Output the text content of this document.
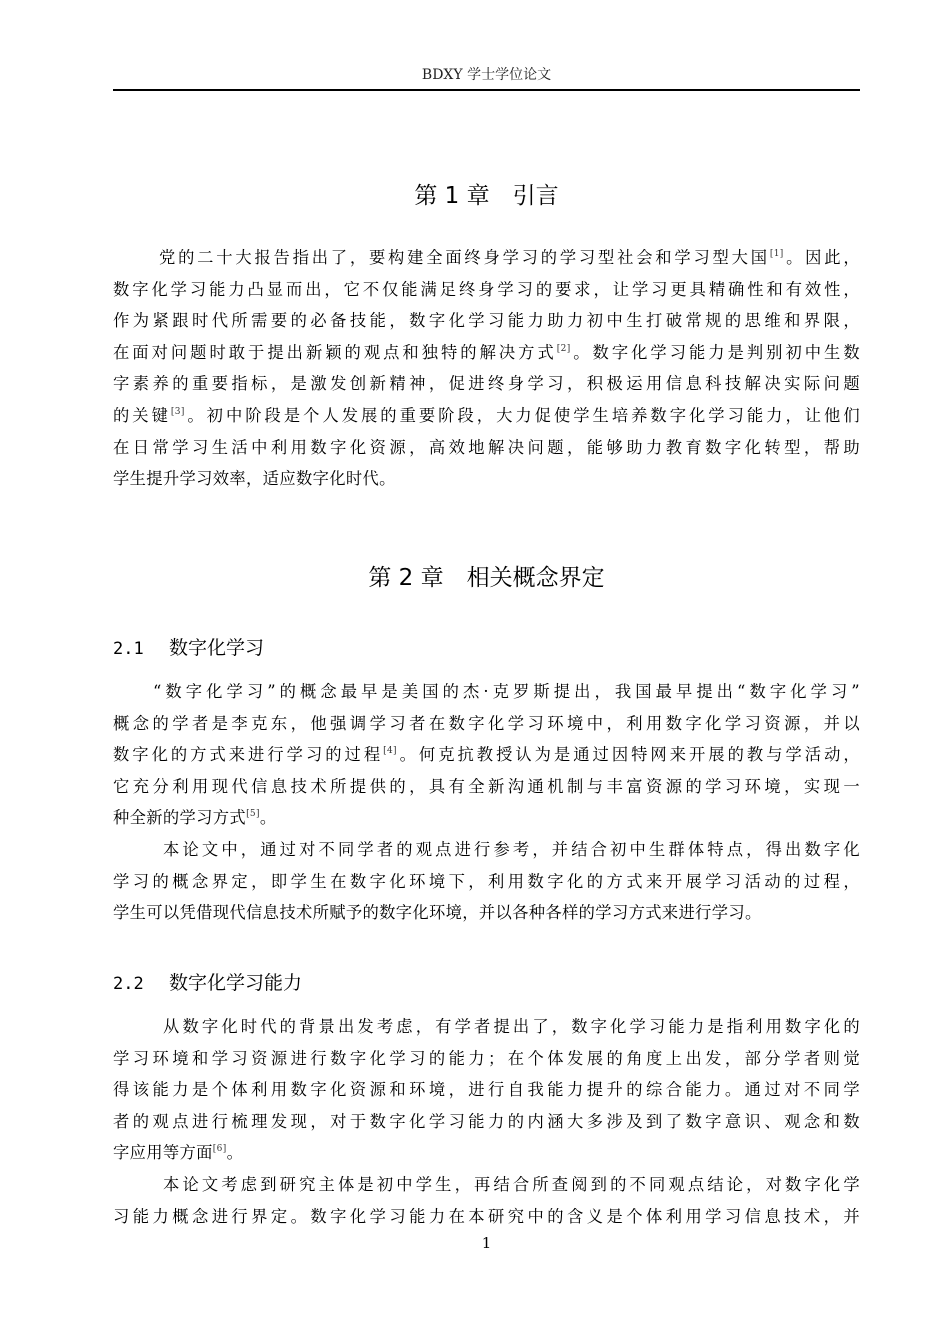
BDXY 学士学位论文
第 1 章　引言

党的二十大报告指出了，要构建全面终身学习的学习型社会和学习型大国[1]。因此，
数字化学习能力凸显而出，它不仅能满足终身学习的要求，让学习更具精确性和有效性，
作为紧跟时代所需要的必备技能，数字化学习能力助力初中生打破常规的思维和界限，
在面对问题时敢于提出新颖的观点和独特的解决方式[2]。数字化学习能力是判别初中生数
字素养的重要指标，是激发创新精神，促进终身学习，积极运用信息科技解决实际问题
的关键[3]。初中阶段是个人发展的重要阶段，大力促使学生培养数字化学习能力，让他们
在日常学习生活中利用数字化资源，高效地解决问题，能够助力教育数字化转型，帮助
学生提升学习效率，适应数字化时代。

第 2 章　相关概念界定
2.1 数字化学习

“数字化学习”的概念最早是美国的杰·克罗斯提出，我国最早提出“数字化学习”
概念的学者是李克东，他强调学习者在数字化学习环境中，利用数字化学习资源，并以
数字化的方式来进行学习的过程[4]。何克抗教授认为是通过因特网来开展的教与学活动，
它充分利用现代信息技术所提供的，具有全新沟通机制与丰富资源的学习环境，实现一
种全新的学习方式[5]。

本论文中，通过对不同学者的观点进行参考，并结合初中生群体特点，得出数字化
学习的概念界定，即学生在数字化环境下，利用数字化的方式来开展学习活动的过程，
学生可以凭借现代信息技术所赋予的数字化环境，并以各种各样的学习方式来进行学习。

2.2 数字化学习能力

从数字化时代的背景出发考虑，有学者提出了，数字化学习能力是指利用数字化的
学习环境和学习资源进行数字化学习的能力；在个体发展的角度上出发，部分学者则觉
得该能力是个体利用数字化资源和环境，进行自我能力提升的综合能力。通过对不同学
者的观点进行梳理发现，对于数字化学习能力的内涵大多涉及到了数字意识、观念和数
字应用等方面[6]。

本论文考虑到研究主体是初中学生，再结合所查阅到的不同观点结论，对数字化学
习能力概念进行界定。数字化学习能力在本研究中的含义是个体利用学习信息技术，并

1
